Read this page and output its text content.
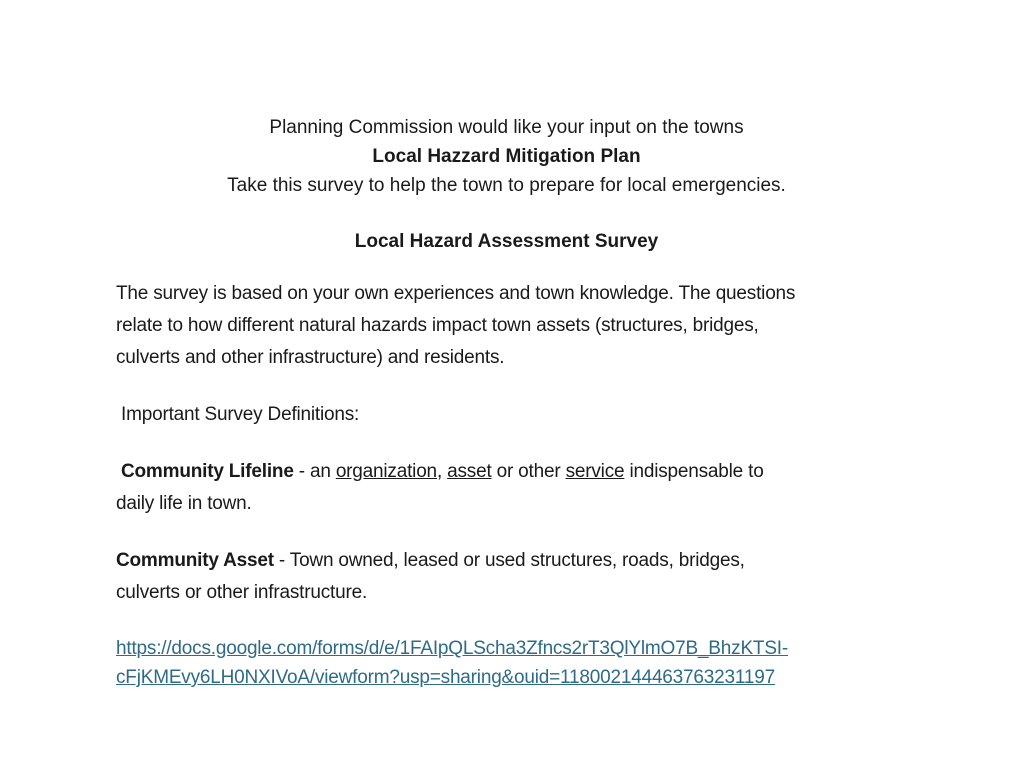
Planning Commission would like your input on the towns
Local Hazzard Mitigation Plan
Take this survey to help the town to prepare for local emergencies.
Local Hazard Assessment Survey
The survey is based on your own experiences and town knowledge. The questions
relate to how different natural hazards impact town assets (structures, bridges,
culverts and other infrastructure) and residents.
Important Survey Definitions:
Community Lifeline - an organization, asset or other service indispensable to
daily life in town.
Community Asset - Town owned, leased or used structures, roads, bridges,
culverts or other infrastructure.
https://docs.google.com/forms/d/e/1FAIpQLScha3Zfncs2rT3QlYlmO7B_BhzKTSI-
cFjKMEvy6LH0NXIVoA/viewform?usp=sharing&ouid=118002144463763231197
